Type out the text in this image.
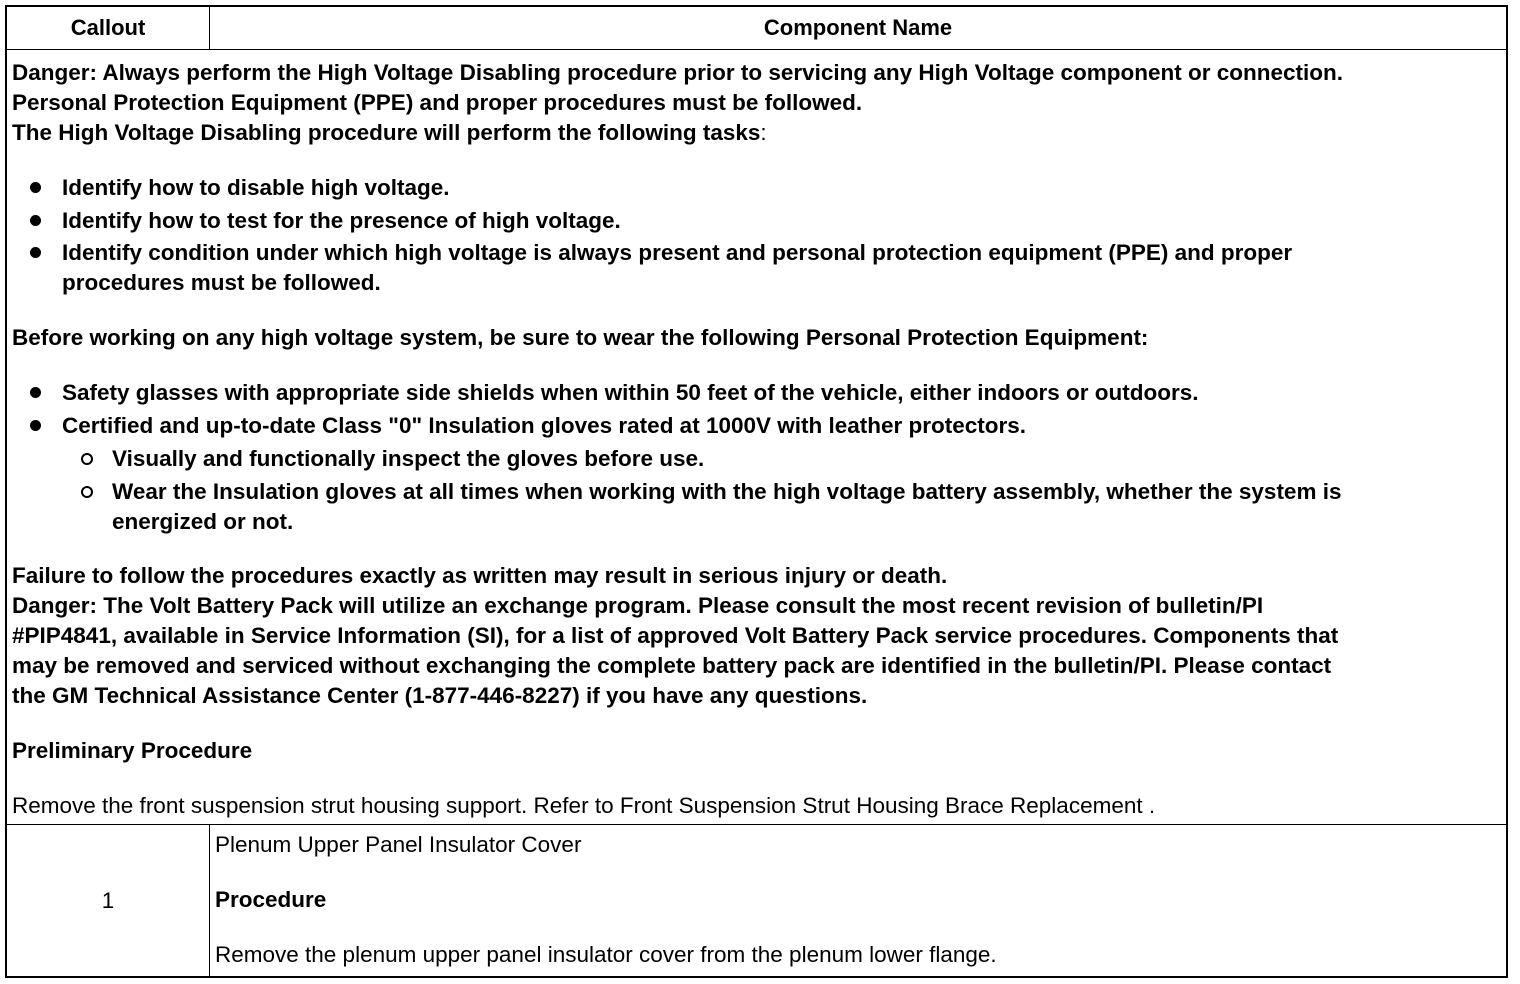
Callout	Component Name
Danger: Always perform the High Voltage Disabling procedure prior to servicing any High Voltage component or connection.
Personal Protection Equipment (PPE) and proper procedures must be followed.
The High Voltage Disabling procedure will perform the following tasks:
Identify how to disable high voltage.
Identify how to test for the presence of high voltage.
Identify condition under which high voltage is always present and personal protection equipment (PPE) and proper
procedures must be followed.
Before working on any high voltage system, be sure to wear the following Personal Protection Equipment:
Safety glasses with appropriate side shields when within 50 feet of the vehicle, either indoors or outdoors.
Certified and up-to-date Class "0" Insulation gloves rated at 1000V with leather protectors.
Visually and functionally inspect the gloves before use.
Wear the Insulation gloves at all times when working with the high voltage battery assembly, whether the system is
energized or not.
Failure to follow the procedures exactly as written may result in serious injury or death.
Danger: The Volt Battery Pack will utilize an exchange program. Please consult the most recent revision of bulletin/PI
#PIP4841, available in Service Information (SI), for a list of approved Volt Battery Pack service procedures. Components that
may be removed and serviced without exchanging the complete battery pack are identified in the bulletin/PI. Please contact
the GM Technical Assistance Center (1-877-446-8227) if you have any questions.
Preliminary Procedure
Remove the front suspension strut housing support. Refer to Front Suspension Strut Housing Brace Replacement .
1
Plenum Upper Panel Insulator Cover
Procedure
Remove the plenum upper panel insulator cover from the plenum lower flange.
